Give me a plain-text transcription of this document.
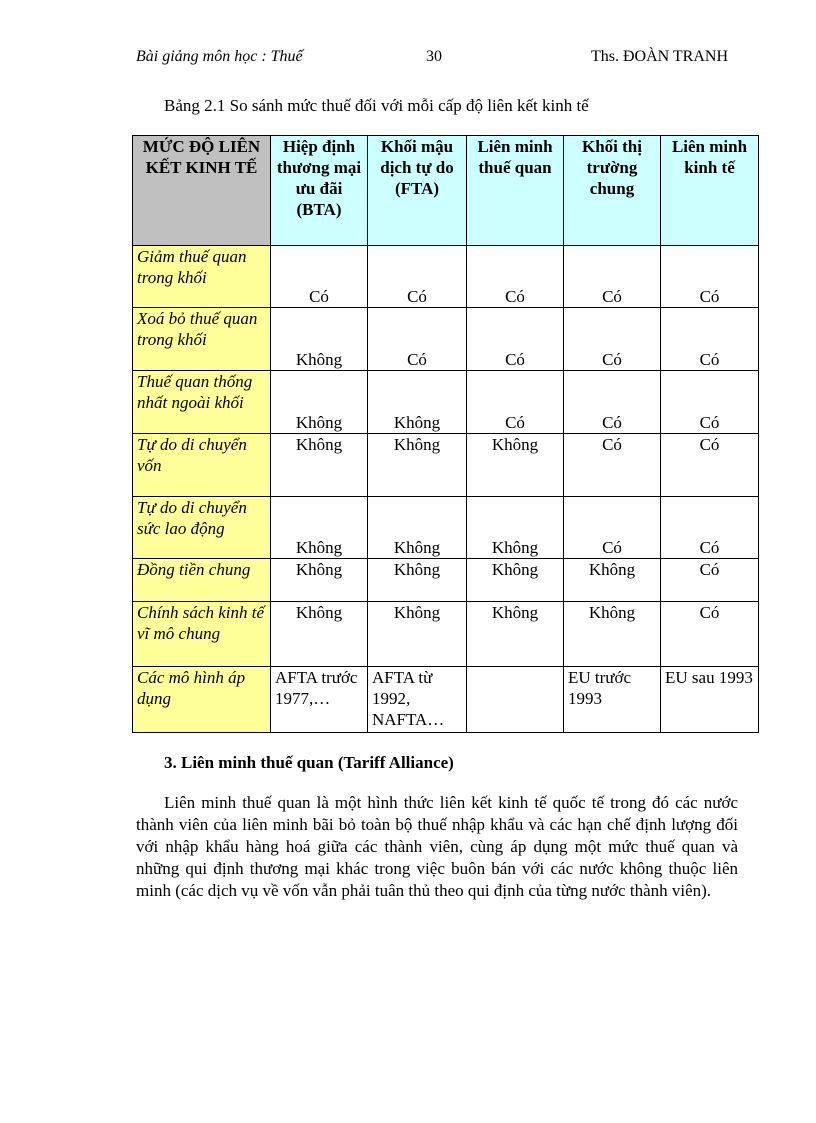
Bài giảng môn học : Thuế	30	Ths. ĐOÀN TRANH
Bảng 2.1 So sánh mức thuế đối với mỗi cấp độ liên kết kinh tế
MỨC ĐỘ LIÊN KẾT KINH TẾ	Hiệp định thương mại ưu đãi (BTA)	Khối mậu dịch tự do (FTA)	Liên minh thuế quan	Khối thị trường chung	Liên minh kinh tế
Giảm thuế quan trong khối	Có	Có	Có	Có	Có
Xoá bỏ thuế quan trong khối	Không	Có	Có	Có	Có
Thuế quan thống nhất ngoài khối	Không	Không	Có	Có	Có
Tự do di chuyển vốn	Không	Không	Không	Có	Có
Tự do di chuyển sức lao động	Không	Không	Không	Có	Có
Đồng tiền chung	Không	Không	Không	Không	Có
Chính sách kinh tế vĩ mô chung	Không	Không	Không	Không	Có
Các mô hình áp dụng	AFTA trước 1977,…	AFTA từ 1992, NAFTA…		EU trước 1993	EU sau 1993
3. Liên minh thuế quan (Tariff Alliance)
Liên minh thuế quan là một hình thức liên kết kinh tế quốc tế trong đó các nước thành viên của liên minh bãi bỏ toàn bộ thuế nhập khẩu và các hạn chế định lượng đối với nhập khẩu hàng hoá giữa các thành viên, cùng áp dụng một mức thuế quan và những qui định thương mại khác trong việc buôn bán với các nước không thuộc liên minh (các dịch vụ về vốn vẫn phải tuân thủ theo qui định của từng nước thành viên).
